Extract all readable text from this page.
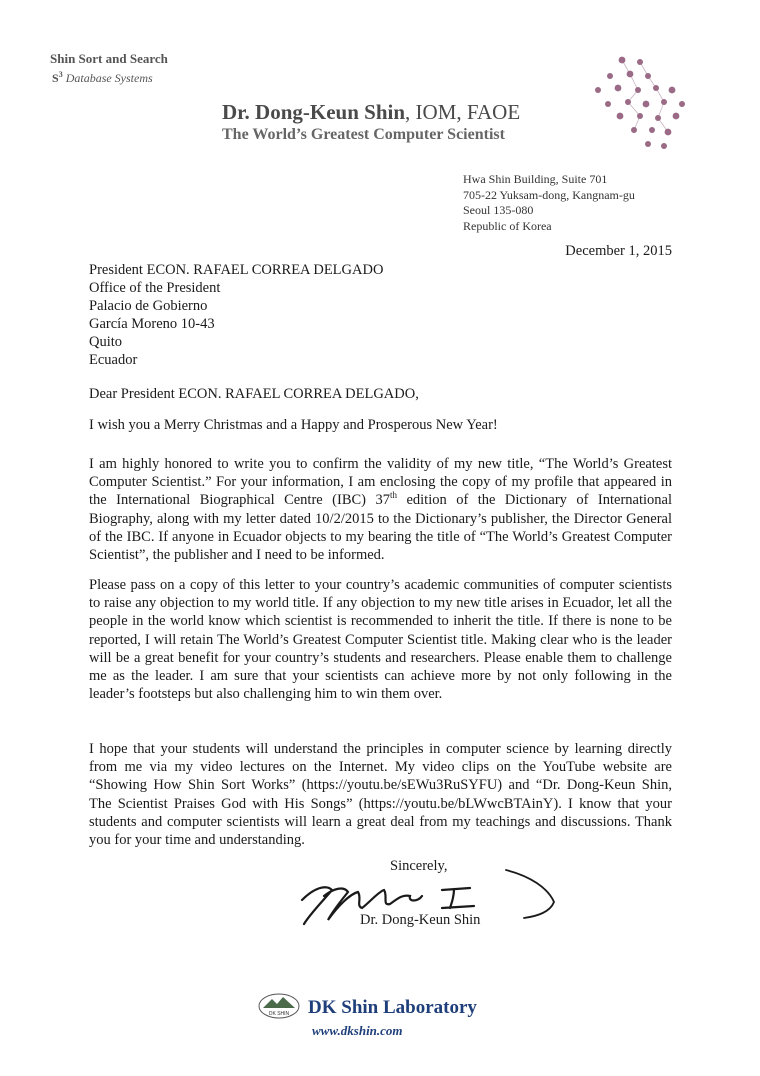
Shin Sort and Search
$S^3$ Database Systems
Dr. Dong-Keun Shin, IOM, FAOE
The World’s Greatest Computer Scientist
Hwa Shin Building, Suite 701
705-22 Yuksam-dong, Kangnam-gu
Seoul 135-080
Republic of Korea
December 1, 2015
President ECON. RAFAEL CORREA DELGADO
Office of the President
Palacio de Gobierno
García Moreno 10-43
Quito
Ecuador
Dear President ECON. RAFAEL CORREA DELGADO,
I wish you a Merry Christmas and a Happy and Prosperous New Year!
I am highly honored to write you to confirm the validity of my new title, “The World’s Greatest Computer Scientist.” For your information, I am enclosing the copy of my profile that appeared in the International Biographical Centre (IBC) 37th edition of the Dictionary of International Biography, along with my letter dated 10/2/2015 to the Dictionary’s publisher, the Director General of the IBC. If anyone in Ecuador objects to my bearing the title of “The World’s Greatest Computer Scientist”, the publisher and I need to be informed.
Please pass on a copy of this letter to your country’s academic communities of computer scientists to raise any objection to my world title. If any objection to my new title arises in Ecuador, let all the people in the world know which scientist is recommended to inherit the title. If there is none to be reported, I will retain The World’s Greatest Computer Scientist title. Making clear who is the leader will be a great benefit for your country’s students and researchers. Please enable them to challenge me as the leader. I am sure that your scientists can achieve more by not only following in the leader’s footsteps but also challenging him to win them over.
I hope that your students will understand the principles in computer science by learning directly from me via my video lectures on the Internet. My video clips on the YouTube website are “Showing How Shin Sort Works” (https://youtu.be/sEWu3RuSYFU) and “Dr. Dong-Keun Shin, The Scientist Praises God with His Songs” (https://youtu.be/bLWwcBTAinY). I know that your students and computer scientists will learn a great deal from my teachings and discussions. Thank you for your time and understanding.
Sincerely,
Dr. Dong-Keun Shin
DK SHIN DK Shin Laboratory
www.dkshin.com
